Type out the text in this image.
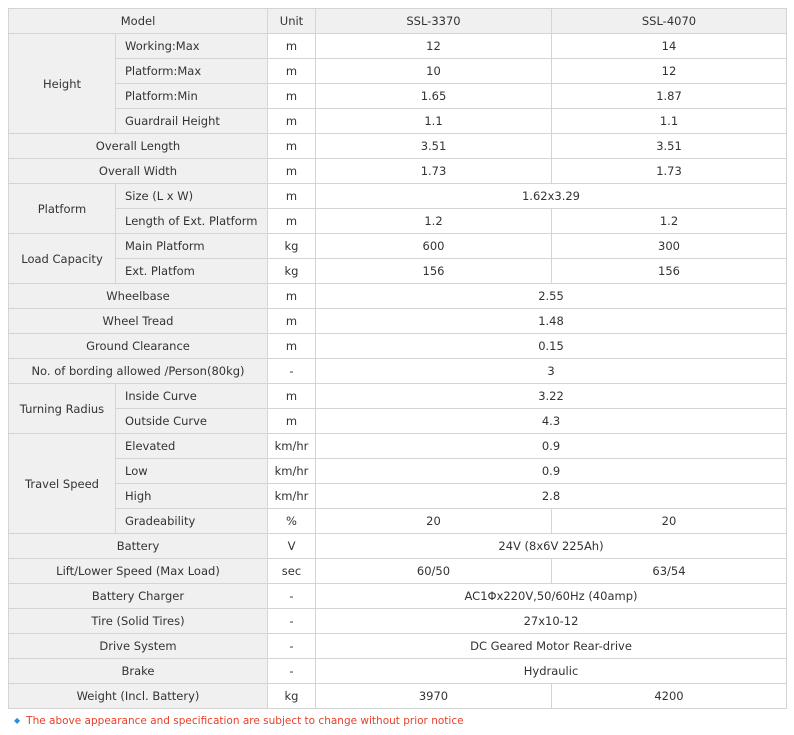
Model		Unit	SSL-3370	SSL-4070
Height	Working:Max	m	12	14
	Platform:Max	m	10	12
	Platform:Min	m	1.65	1.87
	Guardrail Height	m	1.1	1.1
Overall Length		m	3.51	3.51
Overall Width		m	1.73	1.73
Platform	Size (L x W)	m	1.62x3.29	
	Length of Ext. Platform	m	1.2	1.2
Load Capacity	Main Platform	kg	600	300
	Ext. Platfom	kg	156	156
Wheelbase		m	2.55	
Wheel Tread		m	1.48	
Ground Clearance		m	0.15	
No. of bording allowed /Person(80kg)		-	3	
Turning Radius	Inside Curve	m	3.22	
	Outside Curve	m	4.3	
Travel Speed	Elevated	km/hr	0.9	
	Low	km/hr	0.9	
	High	km/hr	2.8	
	Gradeability	%	20	20
Battery		V	24V (8x6V 225Ah)	
Lift/Lower Speed (Max Load)		sec	60/50	63/54
Battery Charger		-	AC1Φx220V,50/60Hz (40amp)	
Tire (Solid Tires)		-	27x10-12	
Drive System		-	DC Geared Motor Rear-drive	
Brake		-	Hydraulic	
Weight (Incl. Battery)		kg	3970	4200
◆ The above appearance and specification are subject to change without prior notice
